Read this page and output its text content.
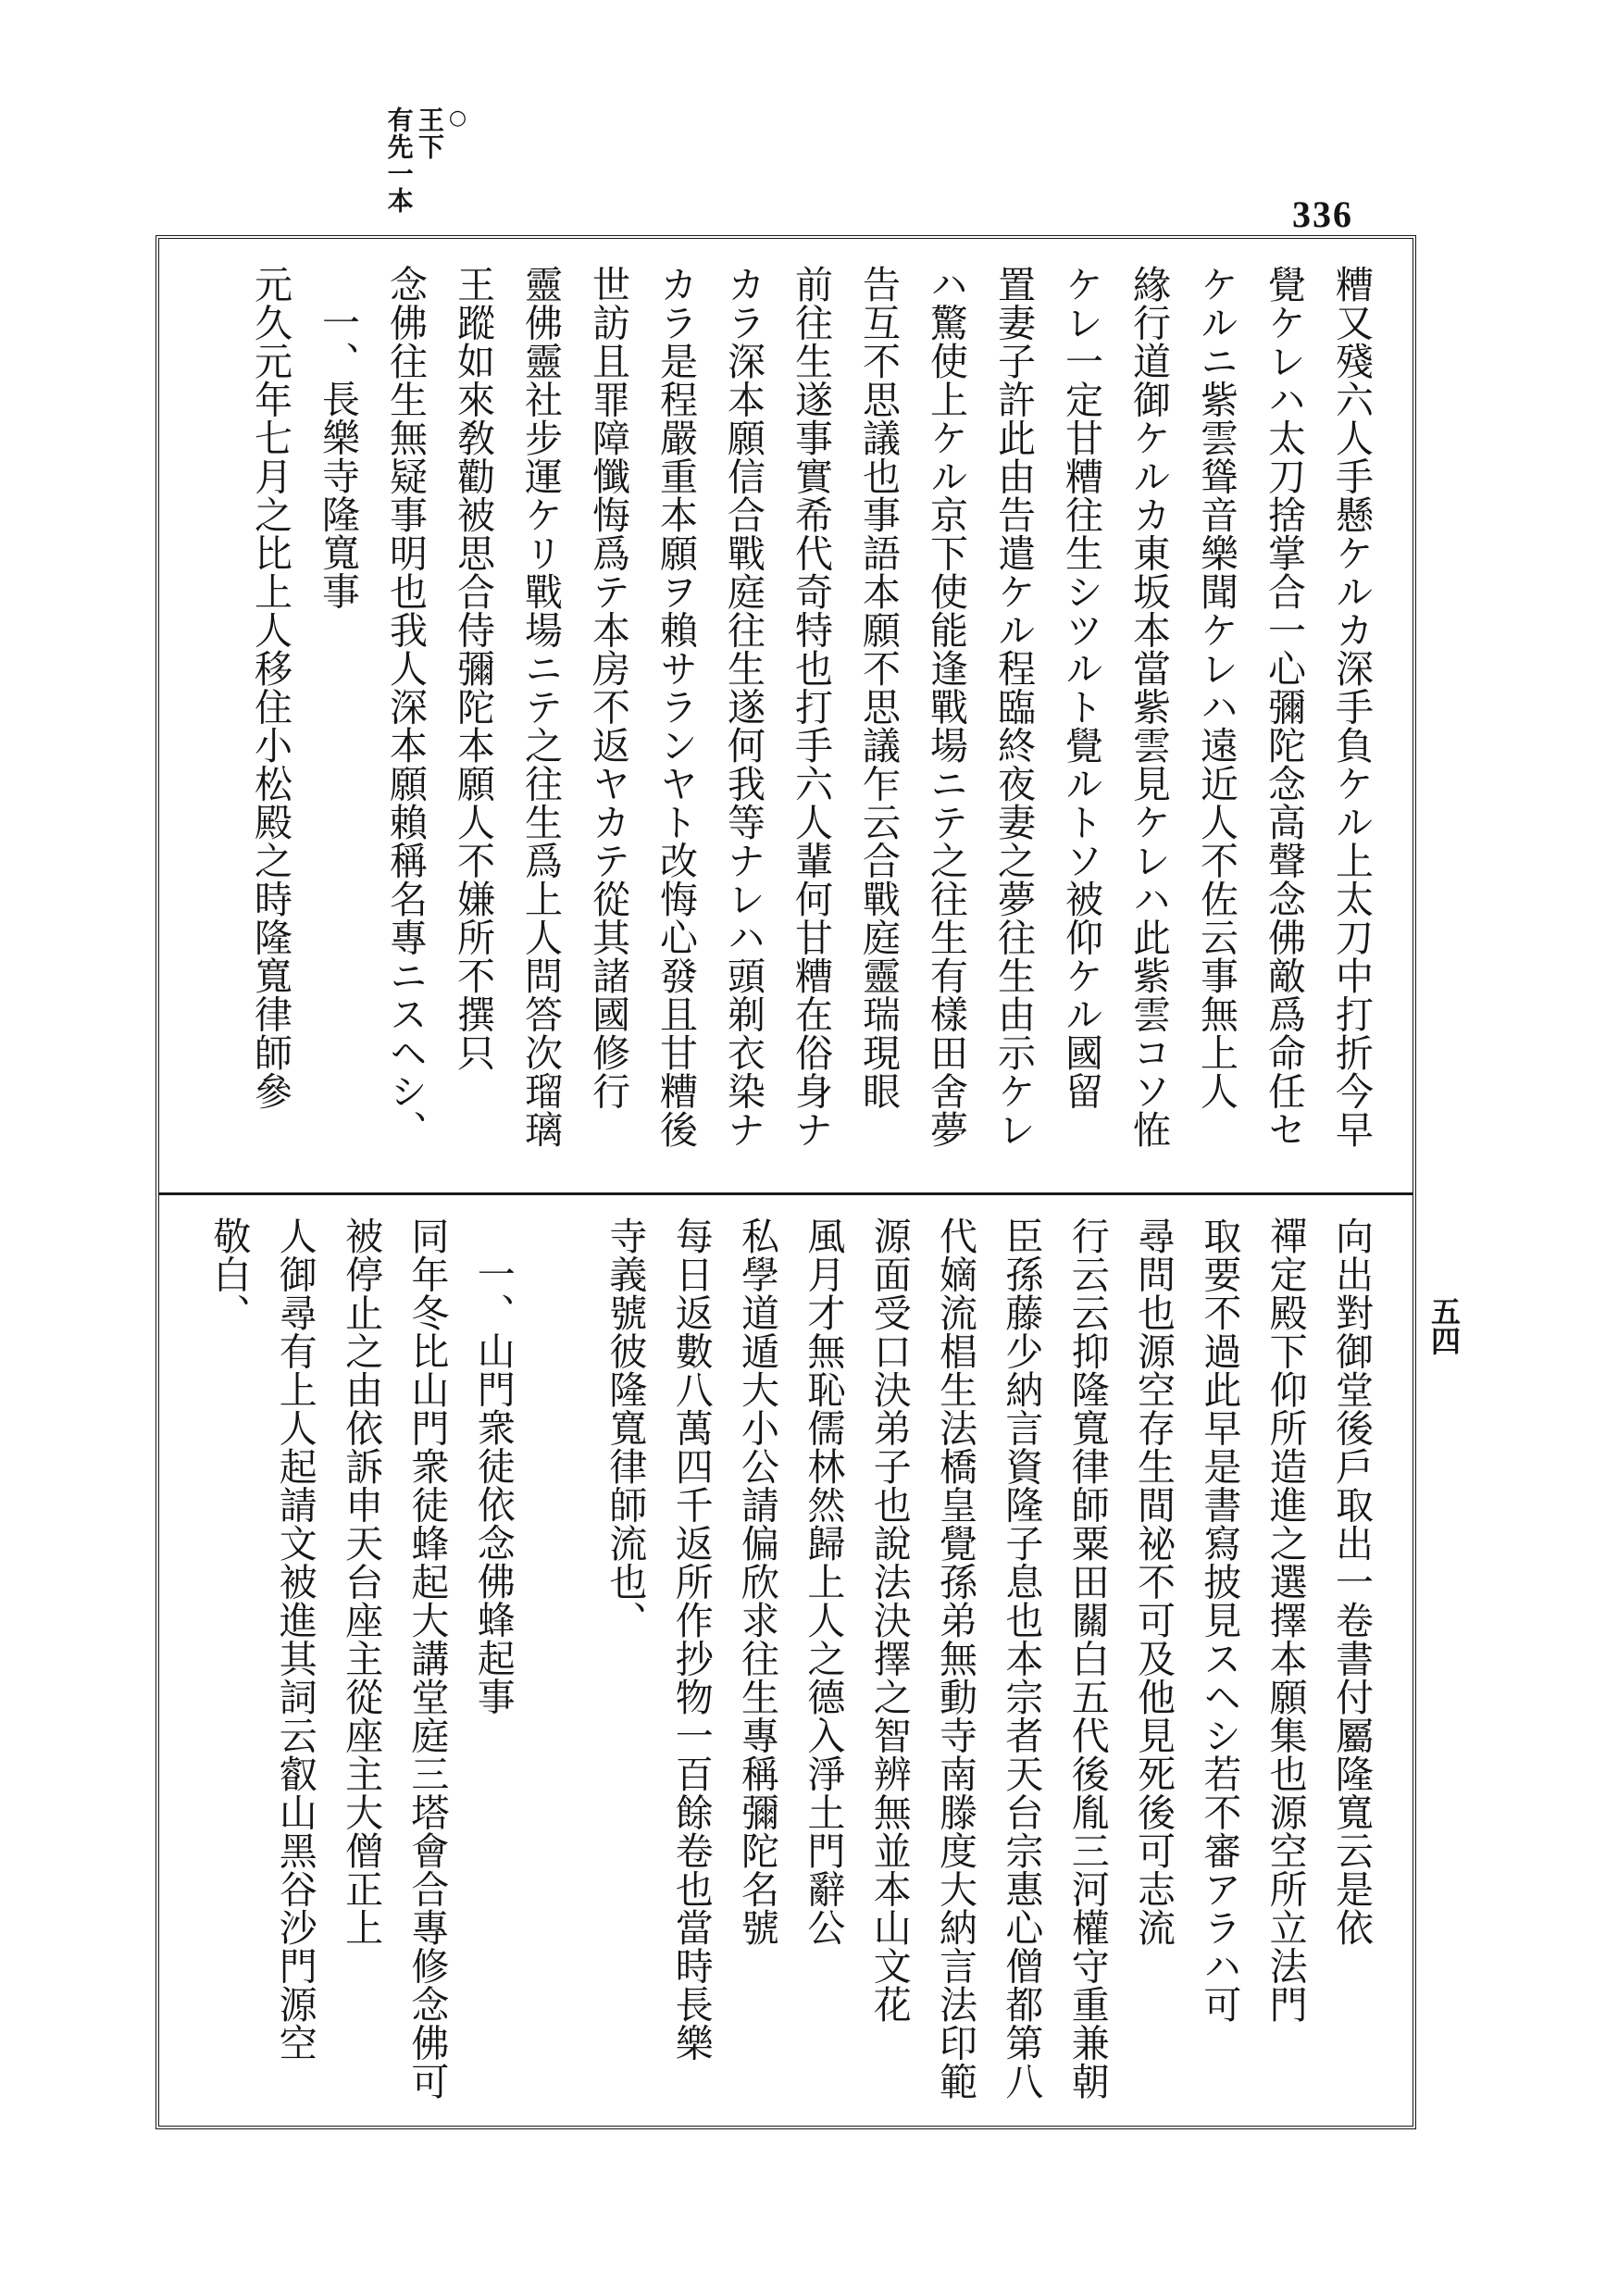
○
王下
有先一本
336
五四
糟又殘六人手懸ケルカ深手負ケル上太刀中打折今早
覺ケレハ太刀捨掌合一心彌陀念高聲念佛敵爲命任セ
ケルニ紫雲聳音樂聞ケレハ遠近人不佐云事無上人
緣行道御ケルカ東坂本當紫雲見ケレハ此紫雲コソ恠
ケレ一定甘糟往生シツルト覺ルトソ被仰ケル國留
置妻子許此由告遣ケル程臨終夜妻之夢往生由示ケレ
ハ驚使上ケル京下使能逢戰場ニテ之往生有樣田舍夢
告互不思議也事語本願不思議乍云合戰庭靈瑞現眼
前往生遂事實希代奇特也打手六人輩何甘糟在俗身ナ
カラ深本願信合戰庭往生遂何我等ナレハ頭剃衣染ナ
カラ是程嚴重本願ヲ賴サランヤト改悔心發且甘糟後
世訪且罪障懺悔爲テ本房不返ヤカテ從其諸國修行
靈佛靈社步運ケリ戰場ニテ之往生爲上人問答次瑠璃
王蹤如來敎勸被思合侍彌陀本願人不嫌所不撰只
念佛往生無疑事明也我人深本願賴稱名專ニスヘシ、
一、長樂寺隆寬事
元久元年七月之比上人移住小松殿之時隆寬律師參
向出對御堂後戶取出一卷書付屬隆寬云是依
禪定殿下仰所造進之選擇本願集也源空所立法門
取要不過此早是書寫披見スヘシ若不審アラハ可
尋問也源空存生間祕不可及他見死後可志流
行云云抑隆寬律師粟田關白五代後胤三河權守重兼朝
臣孫藤少納言資隆子息也本宗者天台宗惠心僧都第八
代嫡流椙生法橋皇覺孫弟無動寺南滕度大納言法印範
源面受口決弟子也說法決擇之智辨無並本山文花
風月才無恥儒林然歸上人之德入淨土門辭公
私學道遁大小公請偏欣求往生專稱彌陀名號
每日返數八萬四千返所作抄物一百餘卷也當時長樂
寺義號彼隆寬律師流也、
一、山門衆徒依念佛蜂起事
同年冬比山門衆徒蜂起大講堂庭三塔會合專修念佛可
被停止之由依訴申天台座主從座主大僧正上
人御尋有上人起請文被進其詞云叡山黑谷沙門源空
敬白、
